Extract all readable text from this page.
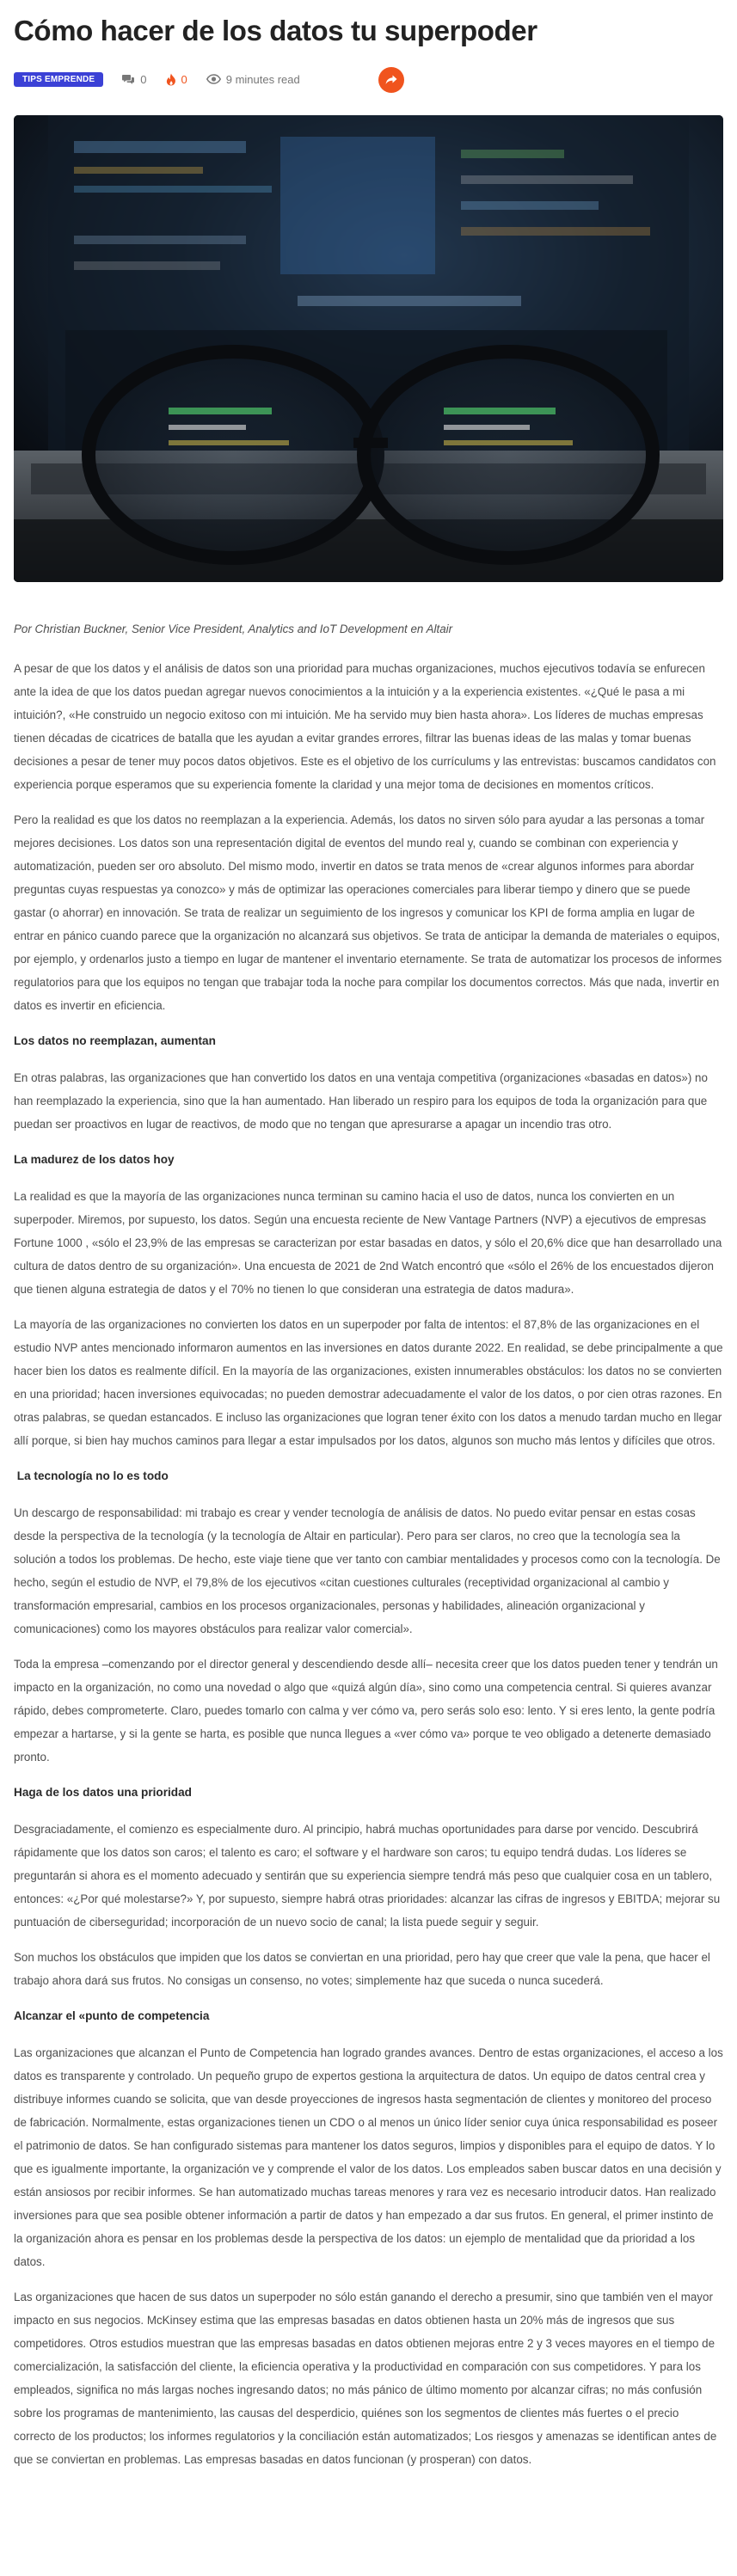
Cómo hacer de los datos tu superpoder
TIPS EMPRENDE	0	0	9 minutes read

Por Christian Buckner, Senior Vice President, Analytics and IoT Development en Altair

A pesar de que los datos y el análisis de datos son una prioridad para muchas organizaciones, muchos ejecutivos todavía se enfurecen ante la idea de que los datos puedan agregar nuevos conocimientos a la intuición y a la experiencia existentes. «¿Qué le pasa a mi intuición?, «He construido un negocio exitoso con mi intuición. Me ha servido muy bien hasta ahora». Los líderes de muchas empresas tienen décadas de cicatrices de batalla que les ayudan a evitar grandes errores, filtrar las buenas ideas de las malas y tomar buenas decisiones a pesar de tener muy pocos datos objetivos. Este es el objetivo de los currículums y las entrevistas: buscamos candidatos con experiencia porque esperamos que su experiencia fomente la claridad y una mejor toma de decisiones en momentos críticos.

Pero la realidad es que los datos no reemplazan a la experiencia. Además, los datos no sirven sólo para ayudar a las personas a tomar mejores decisiones. Los datos son una representación digital de eventos del mundo real y, cuando se combinan con experiencia y automatización, pueden ser oro absoluto. Del mismo modo, invertir en datos se trata menos de «crear algunos informes para abordar preguntas cuyas respuestas ya conozco» y más de optimizar las operaciones comerciales para liberar tiempo y dinero que se puede gastar (o ahorrar) en innovación. Se trata de realizar un seguimiento de los ingresos y comunicar los KPI de forma amplia en lugar de entrar en pánico cuando parece que la organización no alcanzará sus objetivos. Se trata de anticipar la demanda de materiales o equipos, por ejemplo, y ordenarlos justo a tiempo en lugar de mantener el inventario eternamente. Se trata de automatizar los procesos de informes regulatorios para que los equipos no tengan que trabajar toda la noche para compilar los documentos correctos. Más que nada, invertir en datos es invertir en eficiencia.

Los datos no reemplazan, aumentan

En otras palabras, las organizaciones que han convertido los datos en una ventaja competitiva (organizaciones «basadas en datos») no han reemplazado la experiencia, sino que la han aumentado. Han liberado un respiro para los equipos de toda la organización para que puedan ser proactivos en lugar de reactivos, de modo que no tengan que apresurarse a apagar un incendio tras otro.

La madurez de los datos hoy

La realidad es que la mayoría de las organizaciones nunca terminan su camino hacia el uso de datos, nunca los convierten en un superpoder. Miremos, por supuesto, los datos. Según una encuesta reciente de New Vantage Partners (NVP) a ejecutivos de empresas Fortune 1000 , «sólo el 23,9% de las empresas se caracterizan por estar basadas en datos, y sólo el 20,6% dice que han desarrollado una cultura de datos dentro de su organización». Una encuesta de 2021 de 2nd Watch encontró que «sólo el 26% de los encuestados dijeron que tienen alguna estrategia de datos y el 70% no tienen lo que consideran una estrategia de datos madura».

La mayoría de las organizaciones no convierten los datos en un superpoder por falta de intentos: el 87,8% de las organizaciones en el estudio NVP antes mencionado informaron aumentos en las inversiones en datos durante 2022. En realidad, se debe principalmente a que hacer bien los datos es realmente difícil. En la mayoría de las organizaciones, existen innumerables obstáculos: los datos no se convierten en una prioridad; hacen inversiones equivocadas; no pueden demostrar adecuadamente el valor de los datos, o por cien otras razones. En otras palabras, se quedan estancados. E incluso las organizaciones que logran tener éxito con los datos a menudo tardan mucho en llegar allí porque, si bien hay muchos caminos para llegar a estar impulsados por los datos, algunos son mucho más lentos y difíciles que otros.

La tecnología no lo es todo

Un descargo de responsabilidad: mi trabajo es crear y vender tecnología de análisis de datos. No puedo evitar pensar en estas cosas desde la perspectiva de la tecnología (y la tecnología de Altair en particular). Pero para ser claros, no creo que la tecnología sea la solución a todos los problemas. De hecho, este viaje tiene que ver tanto con cambiar mentalidades y procesos como con la tecnología. De hecho, según el estudio de NVP, el 79,8% de los ejecutivos «citan cuestiones culturales (receptividad organizacional al cambio y transformación empresarial, cambios en los procesos organizacionales, personas y habilidades, alineación organizacional y comunicaciones) como los mayores obstáculos para realizar valor comercial».

Toda la empresa –comenzando por el director general y descendiendo desde allí– necesita creer que los datos pueden tener y tendrán un impacto en la organización, no como una novedad o algo que «quizá algún día», sino como una competencia central. Si quieres avanzar rápido, debes comprometerte. Claro, puedes tomarlo con calma y ver cómo va, pero serás solo eso: lento. Y si eres lento, la gente podría empezar a hartarse, y si la gente se harta, es posible que nunca llegues a «ver cómo va» porque te veo obligado a detenerte demasiado pronto.

Haga de los datos una prioridad

Desgraciadamente, el comienzo es especialmente duro. Al principio, habrá muchas oportunidades para darse por vencido. Descubrirá rápidamente que los datos son caros; el talento es caro; el software y el hardware son caros; tu equipo tendrá dudas. Los líderes se preguntarán si ahora es el momento adecuado y sentirán que su experiencia siempre tendrá más peso que cualquier cosa en un tablero, entonces: «¿Por qué molestarse?» Y, por supuesto, siempre habrá otras prioridades: alcanzar las cifras de ingresos y EBITDA; mejorar su puntuación de ciberseguridad; incorporación de un nuevo socio de canal; la lista puede seguir y seguir.

Son muchos los obstáculos que impiden que los datos se conviertan en una prioridad, pero hay que creer que vale la pena, que hacer el trabajo ahora dará sus frutos. No consigas un consenso, no votes; simplemente haz que suceda o nunca sucederá.

Alcanzar el «punto de competencia

Las organizaciones que alcanzan el Punto de Competencia han logrado grandes avances. Dentro de estas organizaciones, el acceso a los datos es transparente y controlado. Un pequeño grupo de expertos gestiona la arquitectura de datos. Un equipo de datos central crea y distribuye informes cuando se solicita, que van desde proyecciones de ingresos hasta segmentación de clientes y monitoreo del proceso de fabricación. Normalmente, estas organizaciones tienen un CDO o al menos un único líder senior cuya única responsabilidad es poseer el patrimonio de datos. Se han configurado sistemas para mantener los datos seguros, limpios y disponibles para el equipo de datos. Y lo que es igualmente importante, la organización ve y comprende el valor de los datos. Los empleados saben buscar datos en una decisión y están ansiosos por recibir informes. Se han automatizado muchas tareas menores y rara vez es necesario introducir datos. Han realizado inversiones para que sea posible obtener información a partir de datos y han empezado a dar sus frutos. En general, el primer instinto de la organización ahora es pensar en los problemas desde la perspectiva de los datos: un ejemplo de mentalidad que da prioridad a los datos.

Las organizaciones que hacen de sus datos un superpoder no sólo están ganando el derecho a presumir, sino que también ven el mayor impacto en sus negocios. McKinsey estima que las empresas basadas en datos obtienen hasta un 20% más de ingresos que sus competidores. Otros estudios muestran que las empresas basadas en datos obtienen mejoras entre 2 y 3 veces mayores en el tiempo de comercialización, la satisfacción del cliente, la eficiencia operativa y la productividad en comparación con sus competidores. Y para los empleados, significa no más largas noches ingresando datos; no más pánico de último momento por alcanzar cifras; no más confusión sobre los programas de mantenimiento, las causas del desperdicio, quiénes son los segmentos de clientes más fuertes o el precio correcto de los productos; los informes regulatorios y la conciliación están automatizados; Los riesgos y amenazas se identifican antes de que se conviertan en problemas. Las empresas basadas en datos funcionan (y prosperan) con datos.
